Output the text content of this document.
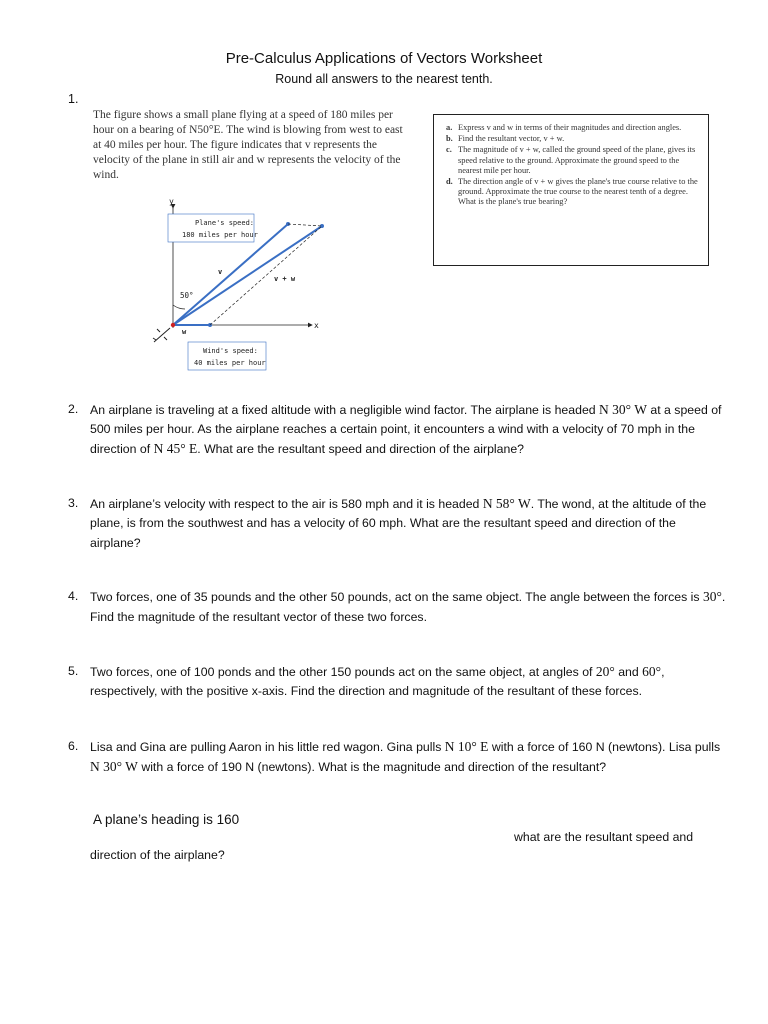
Pre-Calculus Applications of Vectors Worksheet
Round all answers to the nearest tenth.
1.
The figure shows a small plane flying at a speed of 180 miles per hour on a bearing of N50°E. The wind is blowing from west to east at 40 miles per hour. The figure indicates that v represents the velocity of the plane in still air and w represents the velocity of the wind.
a. Express v and w in terms of their magnitudes and direction angles.
b. Find the resultant vector, v + w.
c. The magnitude of v + w, called the ground speed of the plane, gives its speed relative to the ground. Approximate the ground speed to the nearest mile per hour.
d. The direction angle of v + w gives the plane's true course relative to the ground. Approximate the true course to the nearest tenth of a degree. What is the plane's true bearing?
y
x
50°
v
v + w
w
Plane's speed:
180 miles per hour
Wind's speed:
40 miles per hour
2. An airplane is traveling at a fixed altitude with a negligible wind factor. The airplane is headed N 30° W at a speed of 500 miles per hour. As the airplane reaches a certain point, it encounters a wind with a velocity of 70 mph in the direction of N 45° E. What are the resultant speed and direction of the airplane?
3. An airplane’s velocity with respect to the air is 580 mph and it is headed N 58° W. The wond, at the altitude of the plane, is from the southwest and has a velocity of 60 mph. What are the resultant speed and direction of the airplane?
4. Two forces, one of 35 pounds and the other 50 pounds, act on the same object. The angle between the forces is 30°. Find the magnitude of the resultant vector of these two forces.
5. Two forces, one of 100 ponds and the other 150 pounds act on the same object, at angles of 20° and 60°, respectively, with the positive x-axis. Find the direction and magnitude of the resultant of these forces.
6. Lisa and Gina are pulling Aaron in his little red wagon. Gina pulls N 10° E with a force of 160 N (newtons). Lisa pulls N 30° W with a force of 190 N (newtons). What is the magnitude and direction of the resultant?
A plane’s heading is 160
what are the resultant speed and
direction of the airplane?
